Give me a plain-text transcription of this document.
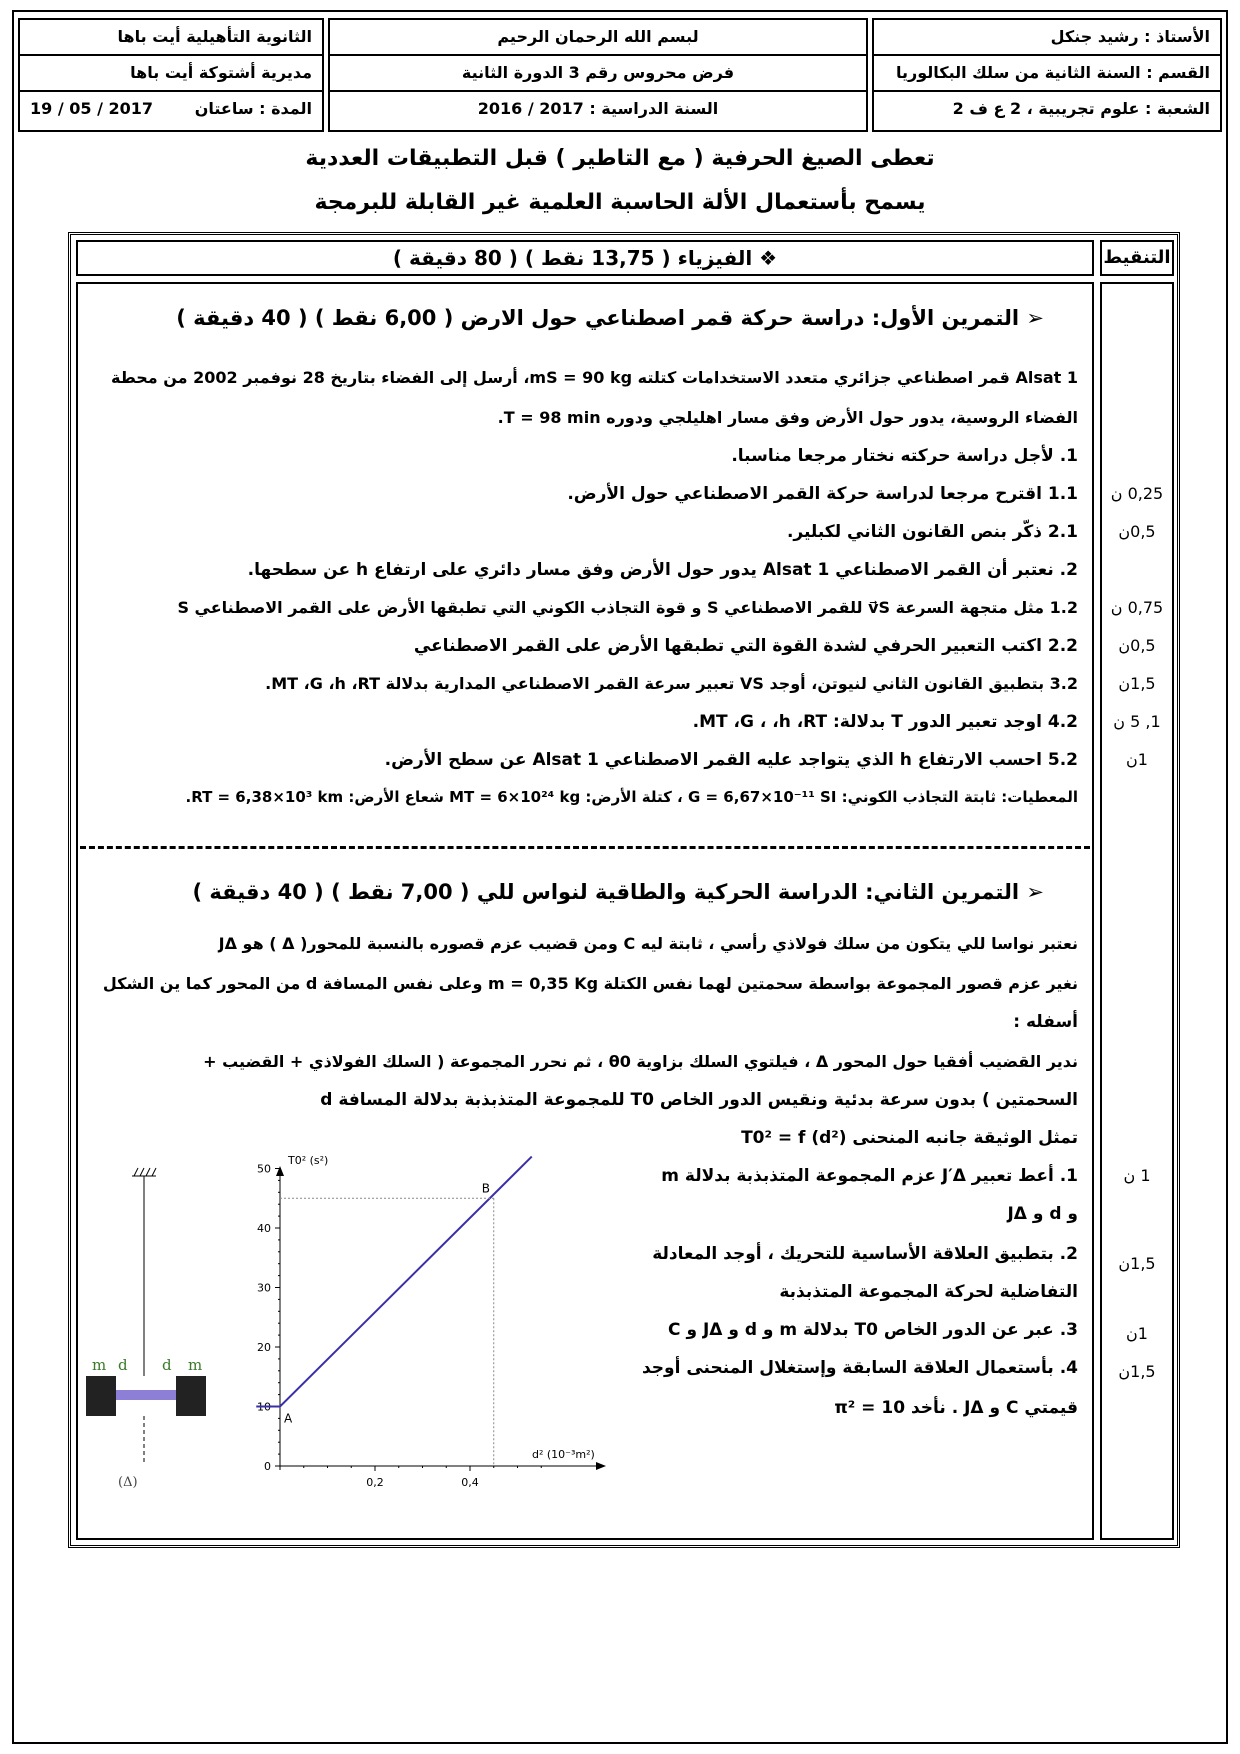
الأستاذ : رشيد جنكل
القسم : السنة الثانية من سلك البكالوريا
الشعبة : علوم تجريبية ، 2 ع ف 2
لبسم الله الرحمان الرحيم
فرض محروس رقم 3 الدورة الثانية
السنة الدراسية : 2017 / 2016
الثانوية التأهيلية أيت باها
مديرية أشتوكة أيت باها
المدة : ساعتان
19 / 05 / 2017
تعطى الصيغ الحرفية ( مع التاطير ) قبل التطبيقات العددية
يسمح بأستعمال الألة الحاسبة العلمية غير القابلة للبرمجة
❖ الفيزياء ( 13,75 نقط ) ( 80 دقيقة )	التنقيط
➢ التمرين الأول: دراسة حركة قمر اصطناعي حول الارض ( 6,00 نقط ) ( 40 دقيقة )
Alsat 1 قمر اصطناعي جزائري متعدد الاستخدامات كتلته mS = 90 kg، أرسل إلى الفضاء بتاريخ 28 نوفمبر 2002 من محطة
الفضاء الروسية، يدور حول الأرض وفق مسار اهليلجي ودوره T = 98 min.
1. لأجل دراسة حركته نختار مرجعا مناسبا.
1.1 اقترح مرجعا لدراسة حركة القمر الاصطناعي حول الأرض.
2.1 ذكّر بنص القانون الثاني لكبلير.
2. نعتبر أن القمر الاصطناعي Alsat 1 يدور حول الأرض وفق مسار دائري على ارتفاع h عن سطحها.
1.2 مثل متجهة السرعة v⃗S للقمر الاصطناعي S و قوة التجاذب الكوني التي تطبقها الأرض على القمر الاصطناعي S
2.2 اكتب التعبير الحرفي لشدة القوة التي تطبقها الأرض على القمر الاصطناعي
3.2 بتطبيق القانون الثاني لنيوتن، أوجد VS تعبير سرعة القمر الاصطناعي المدارية بدلالة MT ،G ،h ،RT.
4.2 اوجد تعبير الدور T بدلالة: MT ،G ، ،h ،RT.
5.2 احسب الارتفاع h الذي يتواجد عليه القمر الاصطناعي Alsat 1 عن سطح الأرض.
المعطيات: ثابتة التجاذب الكوني: G = 6,67×10⁻¹¹ SI ، كتلة الأرض: MT = 6×10²⁴ kg شعاع الأرض: RT = 6,38×10³ km.
➢ التمرين الثاني: الدراسة الحركية والطاقية لنواس للي ( 7,00 نقط ) ( 40 دقيقة )
نعتبر نواسا للي يتكون من سلك فولاذي رأسي ، ثابتة ليه C ومن قضيب عزم قصوره بالنسبة للمحور( Δ ) هو JΔ
نغير عزم قصور المجموعة بواسطة سحمتين لهما نفس الكتلة m = 0,35 Kg وعلى نفس المسافة d من المحور كما ين الشكل
أسفله :
ندير القضيب أفقيا حول المحور Δ ، فيلتوي السلك بزاوية θ0 ، ثم نحرر المجموعة ( السلك الفولاذي + القضيب +
السحمتين ) بدون سرعة بدئية ونقيس الدور الخاص T0 للمجموعة المتذبذبة بدلالة المسافة d
تمثل الوثيقة جانبه المنحنى T0² = f (d²)
1. أعط تعبير J′Δ عزم المجموعة المتذبذبة بدلالة m
و d و JΔ
2. بتطبيق العلاقة الأساسية للتحريك ، أوجد المعادلة
التفاضلية لحركة المجموعة المتذبذبة
3. عبر عن الدور الخاص T0 بدلالة m و d و JΔ و C
4. بأستعمال العلاقة السابقة وإستغلال المنحنى أوجد
قيمتي C و JΔ . نأخد 10 = π²
0,25 ن
0,5ن
0,75 ن
0,5ن
1,5ن
1, 5 ن
1ن
1 ن
1,5ن
1ن
1,5ن
m d d m
(Δ)
T0² (s²)
d² (10⁻³m²)
0
10
20
30
40
50
0,2	0,4
A
B
